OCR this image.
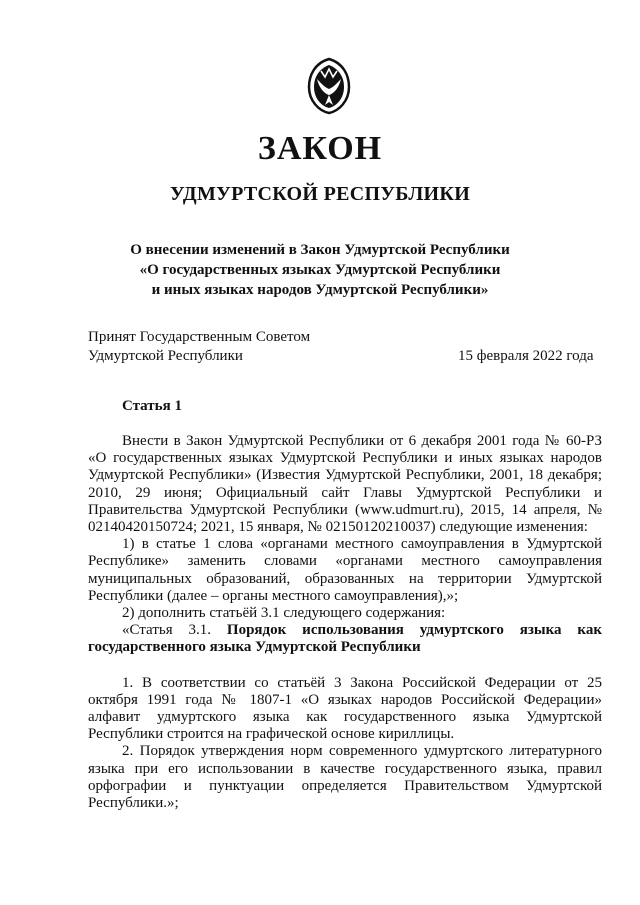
ЗАКОН
УДМУРТСКОЙ РЕСПУБЛИКИ
О внесении изменений в Закон Удмуртской Республики
«О государственных языках Удмуртской Республики
и иных языках народов Удмуртской Республики»
Принят Государственным Советом
Удмуртской Республики	15 февраля 2022 года
Статья 1

Внести в Закон Удмуртской Республики от 6 декабря 2001 года № 60-РЗ «О государственных языках Удмуртской Республики и иных языках народов Удмуртской Республики» (Известия Удмуртской Республики, 2001, 18 декабря; 2010, 29 июня; Официальный сайт Главы Удмуртской Республики и Правительства Удмуртской Республики (www.udmurt.ru), 2015, 14 апреля, № 02140420150724; 2021, 15 января, № 02150120210037) следующие изменения:

1) в статье 1 слова «органами местного самоуправления в Удмуртской Республике» заменить словами «органами местного самоуправления муниципальных образований, образованных на территории Удмуртской Республики (далее – органы местного самоуправления),»;

2) дополнить статьёй 3.1 следующего содержания:

«Статья 3.1. Порядок использования удмуртского языка как государственного языка Удмуртской Республики

1. В соответствии со статьёй 3 Закона Российской Федерации от 25 октября 1991 года № 1807-1 «О языках народов Российской Федерации» алфавит удмуртского языка как государственного языка Удмуртской Республики строится на графической основе кириллицы.

2. Порядок утверждения норм современного удмуртского литературного языка при его использовании в качестве государственного языка, правил орфографии и пунктуации определяется Правительством Удмуртской Республики.»;
